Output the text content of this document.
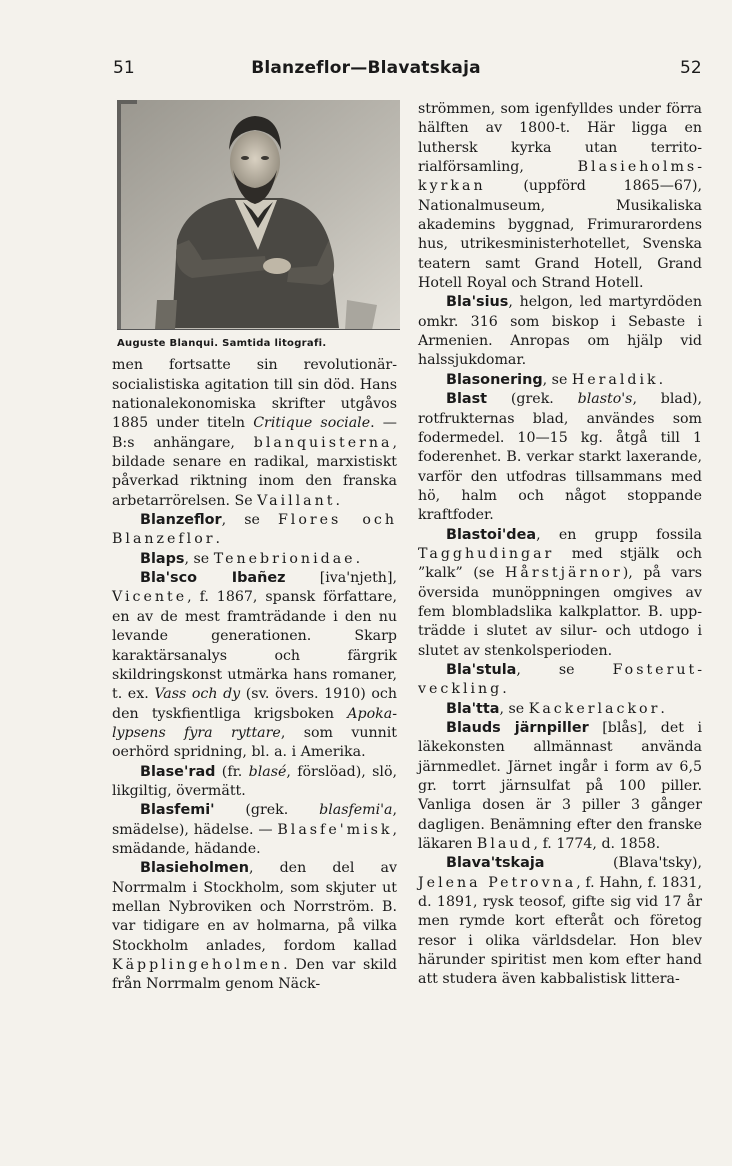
51	Blanzeflor—Blavatskaja	52
Auguste Blanqui. Samtida litografi.

men fortsatte sin revolutionärsocialistiska agitation till sin död. Hans nationalekonomiska skrifter utgåvos 1885 under titeln Critique sociale. — B:s anhängare, blanquisterna, bildade senare en radikal, marxistiskt påverkad riktning inom den franska arbetarrörelsen. Se Vaillant.

Blanzeflor, se Flores och Blanzeflor.

Blaps, se Tenebrionidae.

Bla'sco Ibañez [iva'njeth], Vicente, f. 1867, spansk författare, en av de mest framträdande i den nu levande generationen. Skarp karaktärsanalys och färgrik skildringskonst utmärka hans romaner, t. ex. Vass och dy (sv. övers. 1910) och den tyskfientliga krigsboken Apokalypsens fyra ryttare, som vunnit oerhörd spridning, bl. a. i Amerika.

Blase'rad (fr. blasé, förslöad), slö, likgiltig, övermätt.

Blasfemi' (grek. blasfemi'a, smädelse), hädelse. — Blasfe'misk, smädande, hädande.

Blasieholmen, den del av Norrmalm i Stockholm, som skjuter ut mellan Nybroviken och Norrström. B. var tidigare en av holmarna, på vilka Stockholm anlades, fordom kallad Käpplingeholmen. Den var skild från Norrmalm genom Näck-

strömmen, som igenfylldes under förra hälften av 1800-t. Här ligga en luthersk kyrka utan territorialförsamling, Blasieholmskyrkan (uppförd 1865—67), Nationalmuseum, Musikaliska akademins byggnad, Frimurarordens hus, utrikesministerhotellet, Svenska teatern samt Grand Hotell, Grand Hotell Royal och Strand Hotell.

Bla'sius, helgon, led martyrdöden omkr. 316 som biskop i Sebaste i Armenien. Anropas om hjälp vid halssjukdomar.

Blasonering, se Heraldik.

Blast (grek. blasto's, blad), rotfrukternas blad, användes som fodermedel. 10—15 kg. åtgå till 1 foderenhet. B. verkar starkt laxerande, varför den utfodras tillsammans med hö, halm och något stoppande kraftfoder.

Blastoi'dea, en grupp fossila Tagghudingar med stjälk och ”kalk” (se Hårstjärnor), på vars översida munöppningen omgives av fem blombladslika kalkplattor. B. uppträdde i slutet av silur- och utdogo i slutet av stenkolsperioden.

Bla'stula, se Fosterutveckling.

Bla'tta, se Kackerlackor.

Blauds järnpiller [blås], det i läkekonsten allmännast använda järnmedlet. Järnet ingår i form av 6,5 gr. torrt järnsulfat på 100 piller. Vanliga dosen är 3 piller 3 gånger dagligen. Benämning efter den franske läkaren Blaud, f. 1774, d. 1858.

Blava'tskaja (Blava'tsky), Jelena Petrovna, f. Hahn, f. 1831, d. 1891, rysk teosof, gifte sig vid 17 år men rymde kort efteråt och företog resor i olika världsdelar. Hon blev härunder spiritist men kom efter hand att studera även kabbalistisk littera-
